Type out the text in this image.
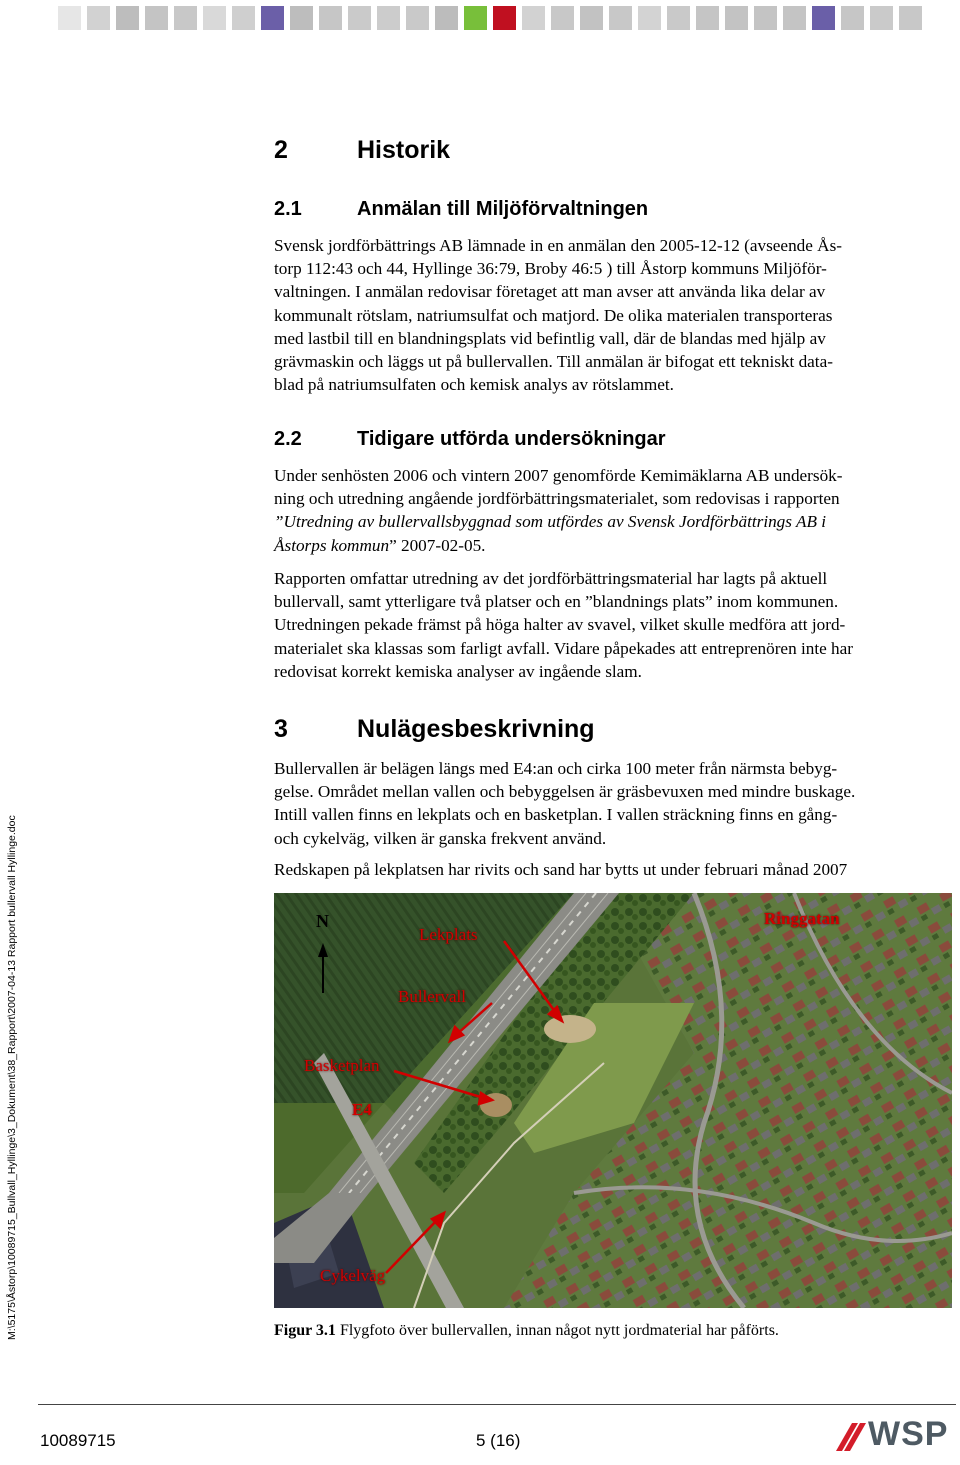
M:\5175\Åstorp\10089715_Bullvall_Hyllinge\3_Dokument\38_Rapport\2007-04-13 Rapport bullervall Hyllinge.doc
2	Historik
2.1	Anmälan till Miljöförvaltningen
Svensk jordförbättrings AB lämnade in en anmälan den 2005-12-12 (avseende Ås-
torp 112:43 och 44, Hyllinge 36:79, Broby 46:5 ) till Åstorp kommuns Miljöför-
valtningen. I anmälan redovisar företaget att man avser att använda lika delar av
kommunalt rötslam, natriumsulfat och matjord. De olika materialen transporteras
med lastbil till en blandningsplats vid befintlig vall, där de blandas med hjälp av
grävmaskin och läggs ut på bullervallen. Till anmälan är bifogat ett tekniskt data-
blad på natriumsulfaten och kemisk analys av rötslammet.
2.2	Tidigare utförda undersökningar
Under senhösten 2006 och vintern 2007 genomförde Kemimäklarna AB undersök-
ning och utredning angående jordförbättringsmaterialet, som redovisas i rapporten
”Utredning av bullervallsbyggnad som utfördes av Svensk Jordförbättrings AB i
Åstorps kommun” 2007-02-05.
Rapporten omfattar utredning av det jordförbättringsmaterial har lagts på aktuell
bullervall, samt ytterligare två platser och en ”blandnings plats” inom kommunen.
Utredningen pekade främst på höga halter av svavel, vilket skulle medföra att jord-
materialet ska klassas som farligt avfall. Vidare påpekades att entreprenören inte har
redovisat korrekt kemiska analyser av ingående slam.
3	Nulägesbeskrivning
Bullervallen är belägen längs med E4:an och cirka 100 meter från närmsta bebyg-
gelse. Området mellan vallen och bebyggelsen är gräsbevuxen med mindre buskage.
Intill vallen finns en lekplats och en basketplan. I vallen sträckning finns en gång-
och cykelväg, vilken är ganska frekvent använd.
Redskapen på lekplatsen har rivits och sand har bytts ut under februari månad 2007
N
Lekplats
Ringgatan
Bullervall
Basketplan
E4
Cykelväg
Figur 3.1 Flygfoto över bullervallen, innan något nytt jordmaterial har påförts.
10089715	5 (16)	WSP
